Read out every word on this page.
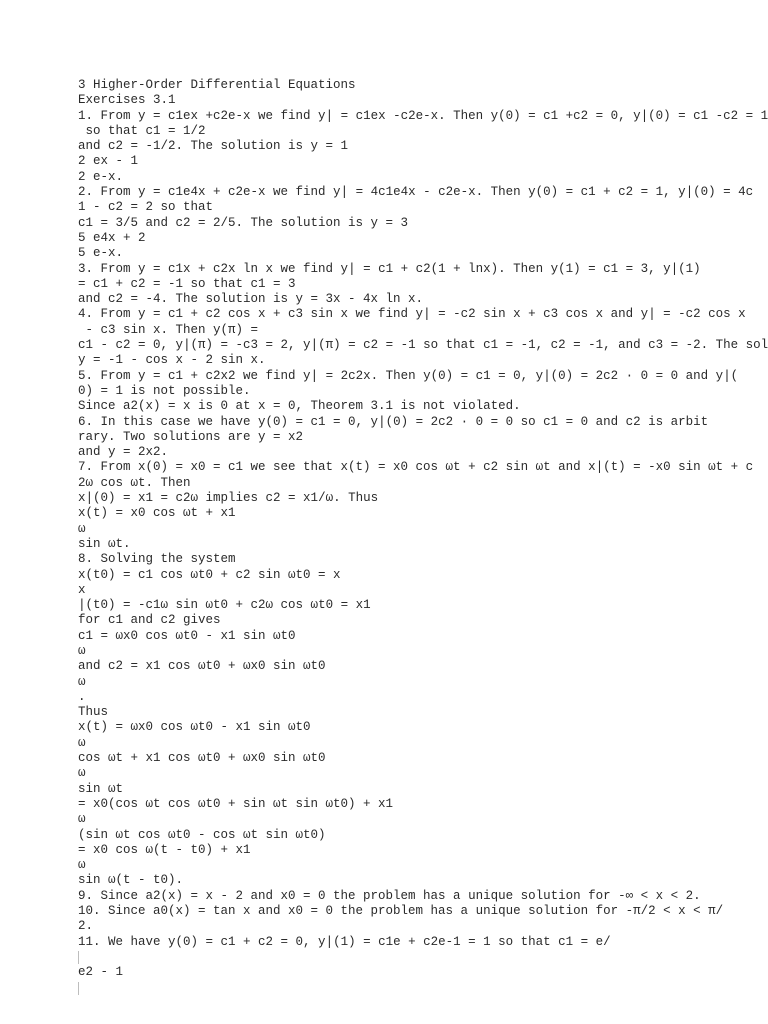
3 Higher-Order Differential Equations
Exercises 3.1
1. From y = c1ex +c2e-x we find y∣ = c1ex -c2e-x. Then y(0) = c1 +c2 = 0, y∣(0) = c1 -c2 = 1
so that c1 = 1/2
and c2 = -1/2. The solution is y = 1
2 ex - 1
2 e-x.
2. From y = c1e4x + c2e-x we find y∣ = 4c1e4x - c2e-x. Then y(0) = c1 + c2 = 1, y∣(0) = 4c
1 - c2 = 2 so that
c1 = 3/5 and c2 = 2/5. The solution is y = 3
5 e4x + 2
5 e-x.
3. From y = c1x + c2x ln x we find y∣ = c1 + c2(1 + lnx). Then y(1) = c1 = 3, y∣(1)
= c1 + c2 = -1 so that c1 = 3
and c2 = -4. The solution is y = 3x - 4x ln x.
4. From y = c1 + c2 cos x + c3 sin x we find y∣ = -c2 sin x + c3 cos x and y∣ = -c2 cos x
- c3 sin x. Then y(π) =
c1 - c2 = 0, y∣(π) = -c3 = 2, y∣(π) = c2 = -1 so that c1 = -1, c2 = -1, and c3 = -2. The sol
y = -1 - cos x - 2 sin x.
5. From y = c1 + c2x2 we find y∣ = 2c2x. Then y(0) = c1 = 0, y∣(0) = 2c2 · 0 = 0 and y∣(
0) = 1 is not possible.
Since a2(x) = x is 0 at x = 0, Theorem 3.1 is not violated.
6. In this case we have y(0) = c1 = 0, y∣(0) = 2c2 · 0 = 0 so c1 = 0 and c2 is arbit
rary. Two solutions are y = x2
and y = 2x2.
7. From x(0) = x0 = c1 we see that x(t) = x0 cos ωt + c2 sin ωt and x∣(t) = -x0 sin ωt + c
2ω cos ωt. Then
x∣(0) = x1 = c2ω implies c2 = x1/ω. Thus
x(t) = x0 cos ωt + x1
ω
sin ωt.
8. Solving the system
x(t0) = c1 cos ωt0 + c2 sin ωt0 = x
x
∣(t0) = -c1ω sin ωt0 + c2ω cos ωt0 = x1
for c1 and c2 gives
c1 = ωx0 cos ωt0 - x1 sin ωt0
ω
and c2 = x1 cos ωt0 + ωx0 sin ωt0
ω
.
Thus
x(t) = ωx0 cos ωt0 - x1 sin ωt0
ω
cos ωt + x1 cos ωt0 + ωx0 sin ωt0
ω
sin ωt
= x0(cos ωt cos ωt0 + sin ωt sin ωt0) + x1
ω
(sin ωt cos ωt0 - cos ωt sin ωt0)
= x0 cos ω(t - t0) + x1
ω
sin ω(t - t0).
9. Since a2(x) = x - 2 and x0 = 0 the problem has a unique solution for -∞ < x < 2.
10. Since a0(x) = tan x and x0 = 0 the problem has a unique solution for -π/2 < x < π/
2.
11. We have y(0) = c1 + c2 = 0, y∣(1) = c1e + c2e-1 = 1 so that c1 = e/
e2 - 1
